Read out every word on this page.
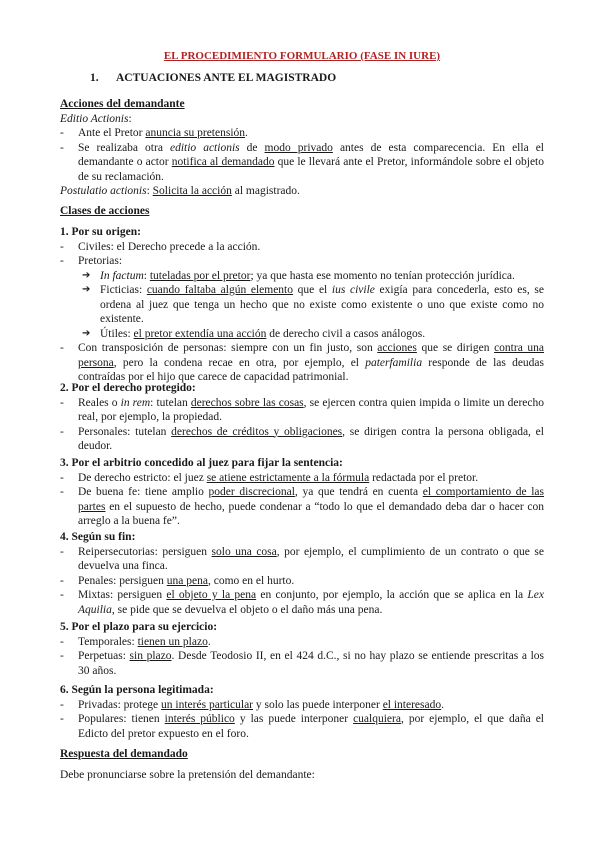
EL PROCEDIMIENTO FORMULARIO (FASE IN IURE)
1. ACTUACIONES ANTE EL MAGISTRADO

Acciones del demandante

Editio Actionis:

- Ante el Pretor anuncia su pretensión.

- Se realizaba otra editio actionis de modo privado antes de esta comparecencia. En ella el demandante o actor notifica al demandado que le llevará ante el Pretor, informándole sobre el objeto de su reclamación.

Postulatio actionis: Solicita la acción al magistrado.

Clases de acciones

1. Por su origen:

- Civiles: el Derecho precede a la acción.

- Pretorias:

➔ In factum: tuteladas por el pretor; ya que hasta ese momento no tenían protección jurídica.

➔ Ficticias: cuando faltaba algún elemento que el ius civile exigía para concederla, esto es, se ordena al juez que tenga un hecho que no existe como existente o uno que existe como no existente.

➔ Útiles: el pretor extendía una acción de derecho civil a casos análogos.

- Con transposición de personas: siempre con un fin justo, son acciones que se dirigen contra una persona, pero la condena recae en otra, por ejemplo, el paterfamilia responde de las deudas contraídas por el hijo que carece de capacidad patrimonial.

2. Por el derecho protegido:

- Reales o in rem: tutelan derechos sobre las cosas, se ejercen contra quien impida o limite un derecho real, por ejemplo, la propiedad.

- Personales: tutelan derechos de créditos y obligaciones, se dirigen contra la persona obligada, el deudor.

3. Por el arbitrio concedido al juez para fijar la sentencia:

- De derecho estricto: el juez se atiene estrictamente a la fórmula redactada por el pretor.

- De buena fe: tiene amplio poder discrecional, ya que tendrá en cuenta el comportamiento de las partes en el supuesto de hecho, puede condenar a “todo lo que el demandado deba dar o hacer con arreglo a la buena fe”.

4. Según su fin:

- Reipersecutorias: persiguen solo una cosa, por ejemplo, el cumplimiento de un contrato o que se devuelva una finca.

- Penales: persiguen una pena, como en el hurto.

- Mixtas: persiguen el objeto y la pena en conjunto, por ejemplo, la acción que se aplica en la Lex Aquilia, se pide que se devuelva el objeto o el daño más una pena.

5. Por el plazo para su ejercicio:

- Temporales: tienen un plazo.

- Perpetuas: sin plazo. Desde Teodosio II, en el 424 d.C., si no hay plazo se entiende prescritas a los 30 años.

6. Según la persona legitimada:

- Privadas: protege un interés particular y solo las puede interponer el interesado.

- Populares: tienen interés público y las puede interponer cualquiera, por ejemplo, el que daña el Edicto del pretor expuesto en el foro.

Respuesta del demandado

Debe pronunciarse sobre la pretensión del demandante:
